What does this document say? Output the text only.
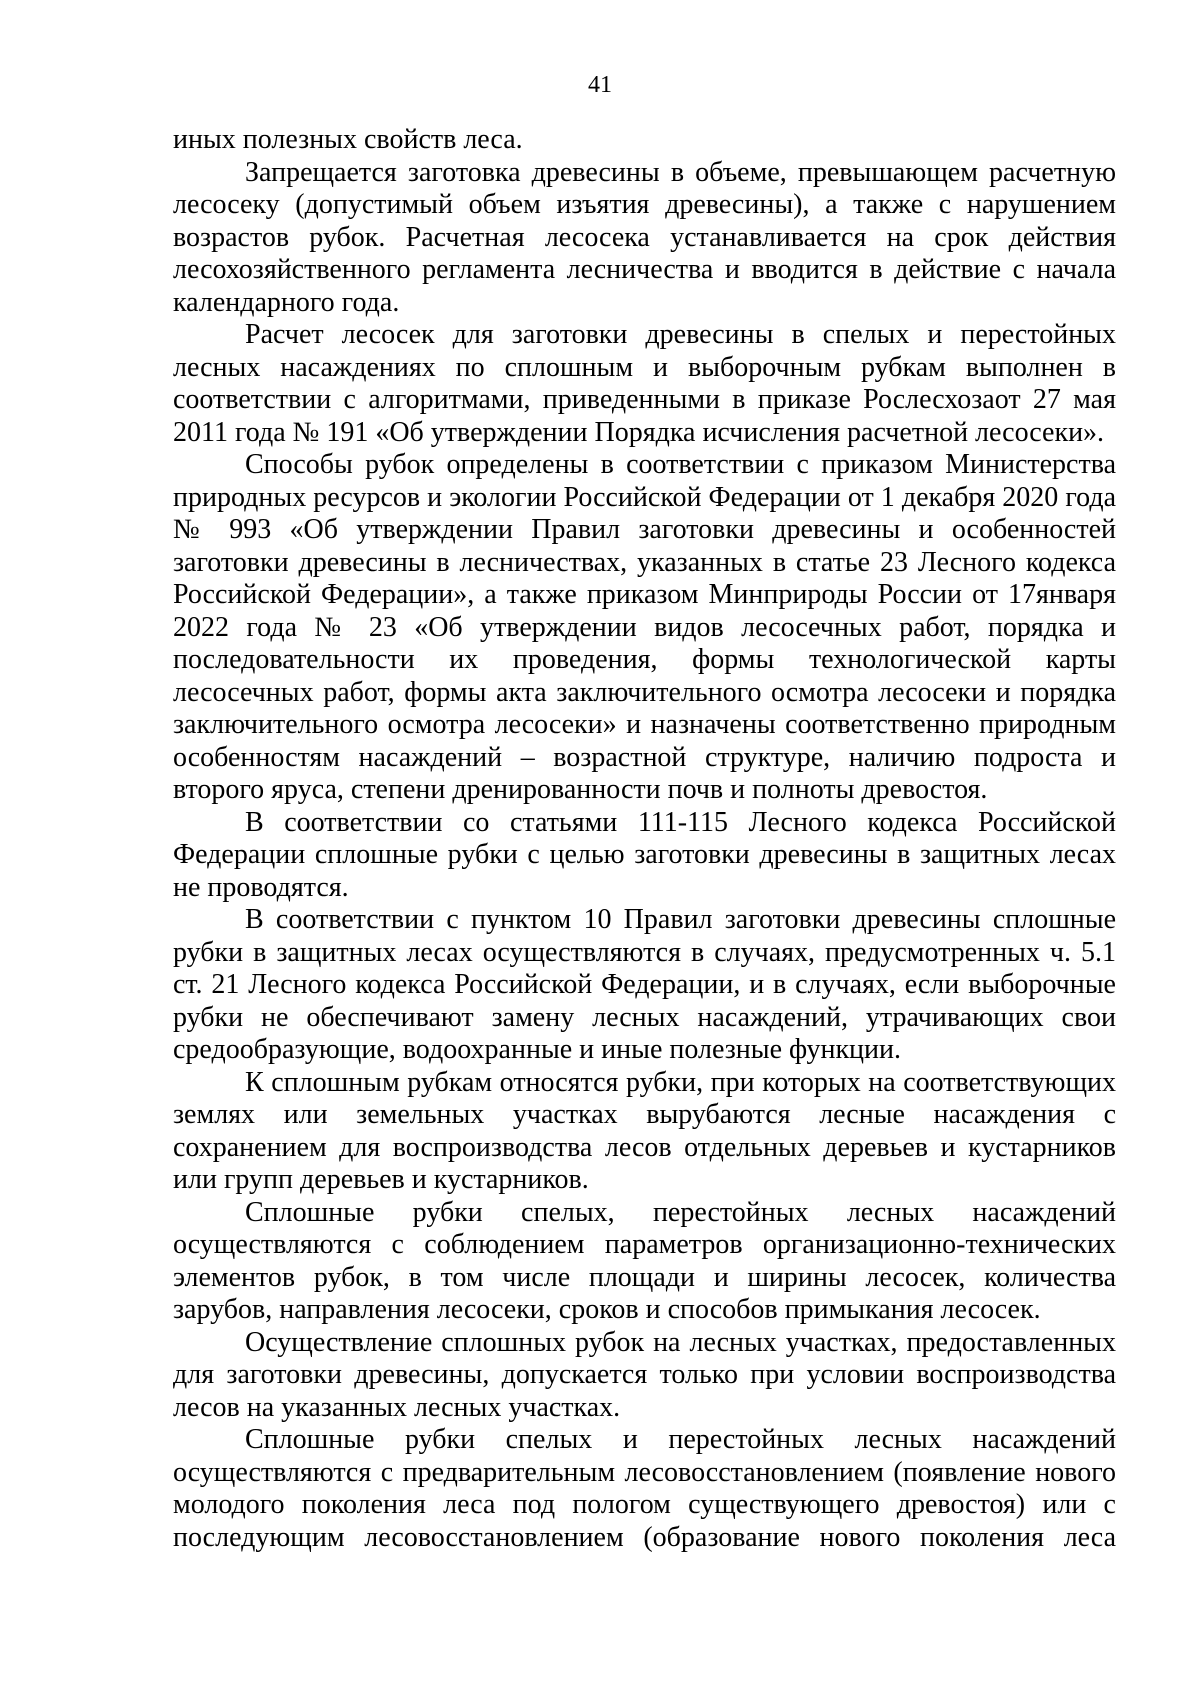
41

иных полезных свойств леса.

Запрещается заготовка древесины в объеме, превышающем расчетную лесосеку (допустимый объем изъятия древесины), а также с нарушением возрастов рубок. Расчетная лесосека устанавливается на срок действия лесохозяйственного регламента лесничества и вводится в действие с начала календарного года.

Расчет лесосек для заготовки древесины в спелых и перестойных лесных насаждениях по сплошным и выборочным рубкам выполнен в соответствии с алгоритмами, приведенными в приказе Рослесхозаот 27 мая 2011 года № 191 «Об утверждении Порядка исчисления расчетной лесосеки».

Способы рубок определены в соответствии с приказом Министерства природных ресурсов и экологии Российской Федерации от 1 декабря 2020 года № 993 «Об утверждении Правил заготовки древесины и особенностей заготовки древесины в лесничествах, указанных в статье 23 Лесного кодекса Российской Федерации», а также приказом Минприроды России от 17января 2022 года № 23 «Об утверждении видов лесосечных работ, порядка и последовательности их проведения, формы технологической карты лесосечных работ, формы акта заключительного осмотра лесосеки и порядка заключительного осмотра лесосеки» и назначены соответственно природным особенностям насаждений – возрастной структуре, наличию подроста и второго яруса, степени дренированности почв и полноты древостоя.

В соответствии со статьями 111-115 Лесного кодекса Российской Федерации сплошные рубки с целью заготовки древесины в защитных лесах не проводятся.

В соответствии с пунктом 10 Правил заготовки древесины сплошные рубки в защитных лесах осуществляются в случаях, предусмотренных ч. 5.1 ст. 21 Лесного кодекса Российской Федерации, и в случаях, если выборочные рубки не обеспечивают замену лесных насаждений, утрачивающих свои средообразующие, водоохранные и иные полезные функции.

К сплошным рубкам относятся рубки, при которых на соответствующих землях или земельных участках вырубаются лесные насаждения с сохранением для воспроизводства лесов отдельных деревьев и кустарников или групп деревьев и кустарников.

Сплошные рубки спелых, перестойных лесных насаждений осуществляются с соблюдением параметров организационно-технических элементов рубок, в том числе площади и ширины лесосек, количества зарубов, направления лесосеки, сроков и способов примыкания лесосек.

Осуществление сплошных рубок на лесных участках, предоставленных для заготовки древесины, допускается только при условии воспроизводства лесов на указанных лесных участках.

Сплошные рубки спелых и перестойных лесных насаждений осуществляются с предварительным лесовосстановлением (появление нового молодого поколения леса под пологом существующего древостоя) или с последующим лесовосстановлением (образование нового поколения леса
